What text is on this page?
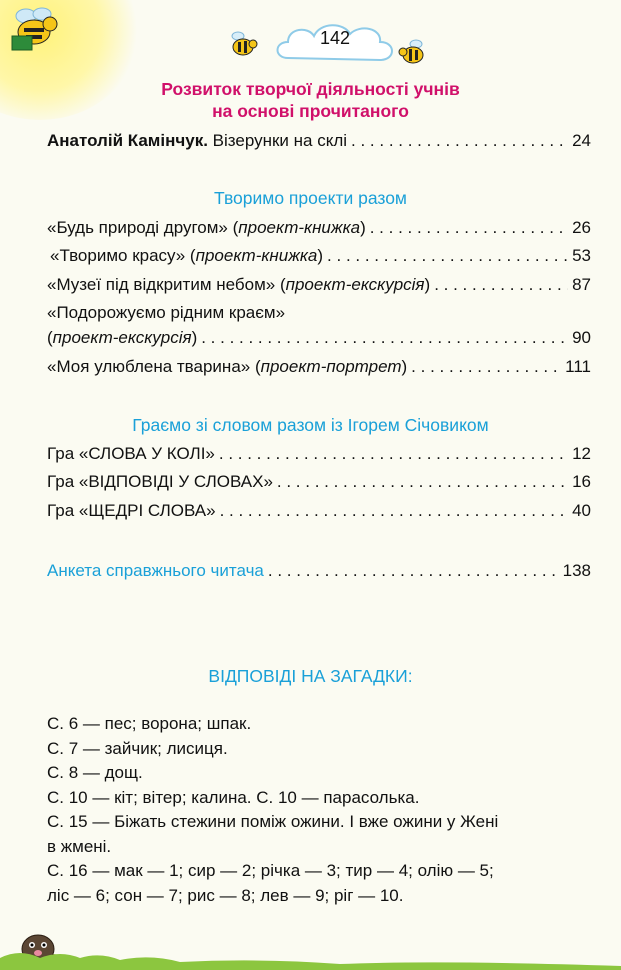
142
Розвиток творчої діяльності учнів
на основі прочитаного
Анатолій Камінчук. Візерунки на склі . . .	24
Творимо проекти разом
«Будь природі другом» (проект-книжка) . . .	26
«Творимо красу» (проект-книжка) . . .	53
«Музеї під відкритим небом» (проект-екскурсія) . . .	87
«Подорожуємо рідним краєм»
(проект-екскурсія) . . .	90
«Моя улюблена тварина» (проект-портрет) . . .	111
Граємо зі словом разом із Ігорем Січовиком
Гра «СЛОВА У КОЛІ» . . .	12
Гра «ВІДПОВІДІ У СЛОВАХ» . . .	16
Гра «ЩЕДРІ СЛОВА» . . .	40
Анкета справжнього читача . . .	138
ВІДПОВІДІ НА ЗАГАДКИ:
С. 6 — пес; ворона; шпак.
С. 7 — зайчик; лисиця.
С. 8 — дощ.
С. 10 — кіт; вітер; калина. С. 10 — парасолька.
С. 15 — Біжать стежини поміж ожини. І вже ожини у Жені
в жмені.
С. 16 — мак — 1; сир — 2; річка — 3; тир — 4; олію — 5;
ліс — 6; сон — 7; рис — 8; лев — 9; ріг — 10.
